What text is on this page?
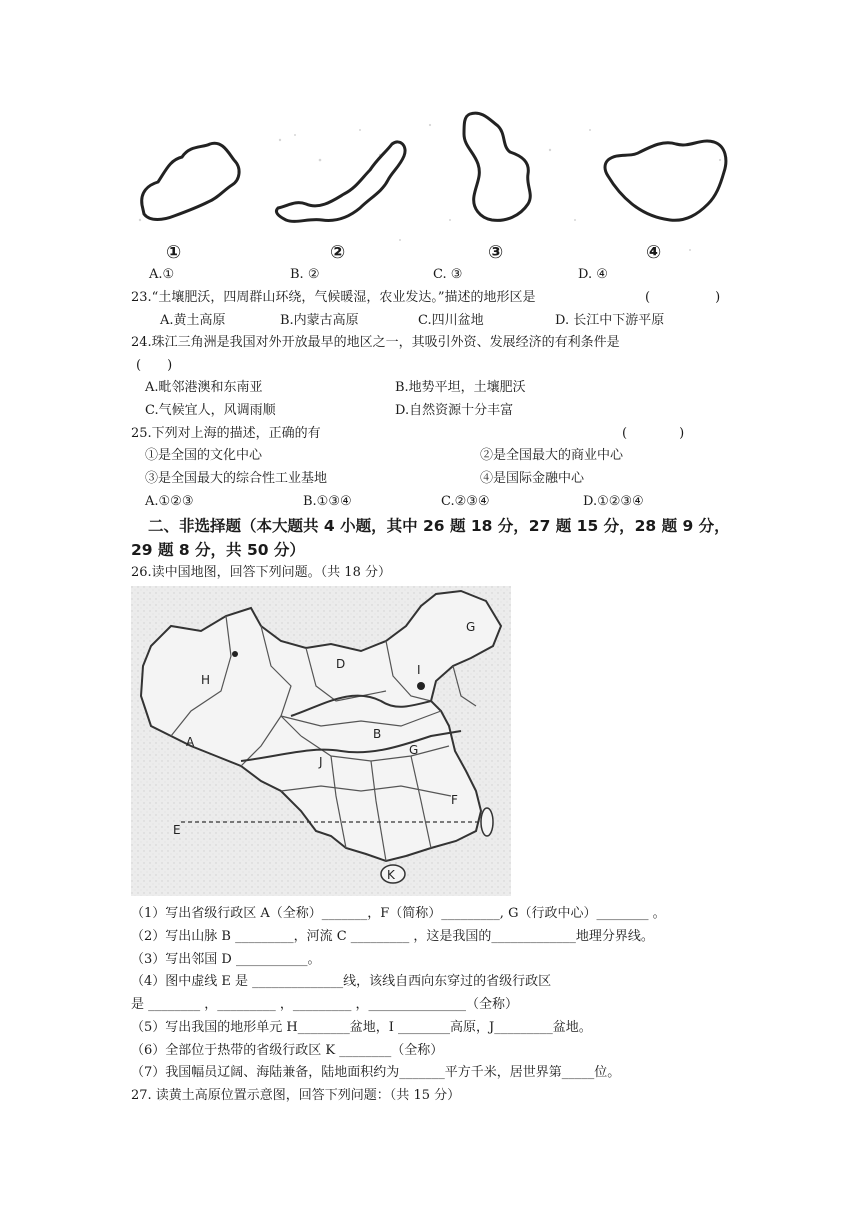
①	②	③	④
A.①	B. ②	C. ③	D. ④
23.“土壤肥沃，四周群山环绕，气候暖湿，农业发达。”描述的地形区是	(　　　　　)
A.黄土高原	B.内蒙古高原	C.四川盆地	D. 长江中下游平原
24.珠江三角洲是我国对外开放最早的地区之一，其吸引外资、发展经济的有利条件是
(　　)
A.毗邻港澳和东南亚	B.地势平坦，土壤肥沃
C.气候宜人，风调雨顺	D.自然资源十分丰富
25.下列对上海的描述，正确的有	(　　　　)
①是全国的文化中心	②是全国最大的商业中心
③是全国最大的综合性工业基地	④是国际金融中心
A.①②③	B.①③④	C.②③④	D.①②③④
二、非选择题（本大题共 4 小题，其中 26 题 18 分，27 题 15 分，28 题 9 分，
29 题 8 分，共 50 分）
26.读中国地图，回答下列问题。（共 18 分）
H
D	I
G
A
B
J
G
F
E
K
（1）写出省级行政区 A（全称）_______，F（简称）_________, G（行政中心）________ 。
（2）写出山脉 B _________，河流 C _________ ，这是我国的_____________地理分界线。
（3）写出邻国 D ___________。
（4）图中虚线 E 是 ______________线，该线自西向东穿过的省级行政区
是 ________ ，_________ ，_________ ，_______________（全称）
（5）写出我国的地形单元 H________盆地，I ________高原，J_________盆地。
（6）全部位于热带的省级行政区 K ________（全称）
（7）我国幅员辽阔、海陆兼备，陆地面积约为_______平方千米，居世界第_____位。
27. 读黄土高原位置示意图，回答下列问题：（共 15 分）
